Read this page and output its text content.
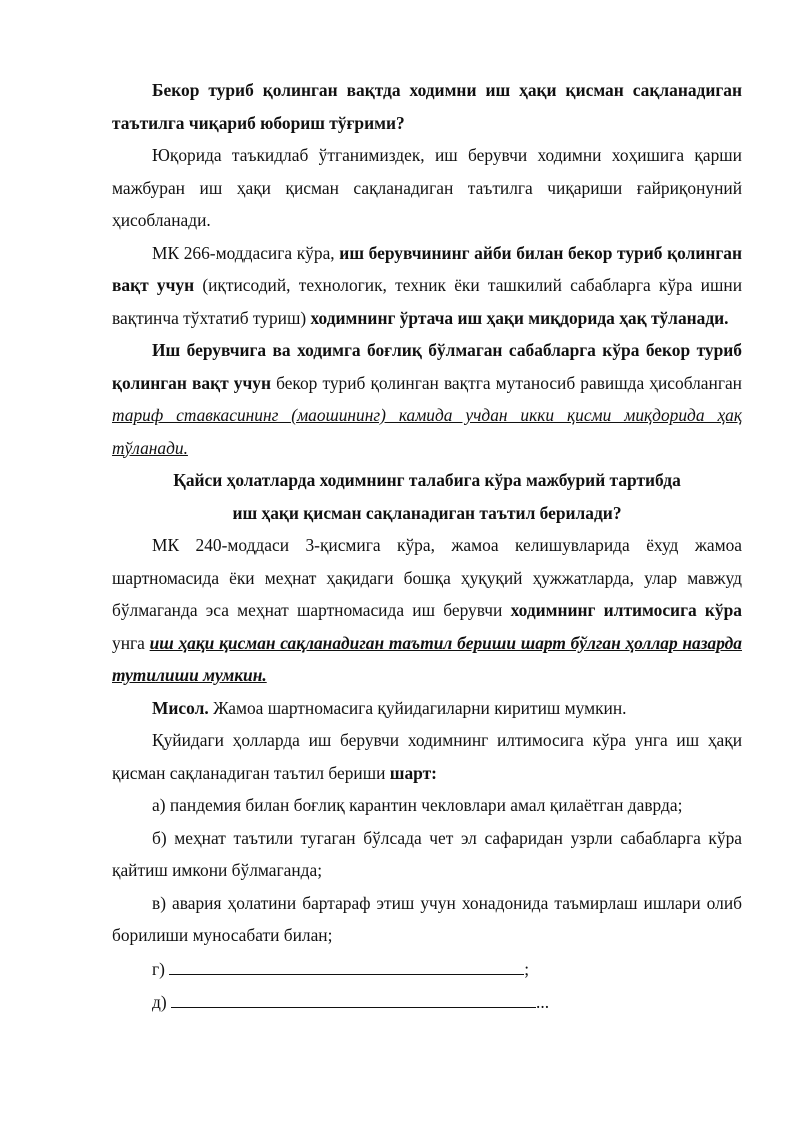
Бекор туриб қолинган вақтда ходимни иш ҳақи қисман сақланадиган таътилга чиқариб юбориш тўғрими?

Юқорида таъкидлаб ўтганимиздек, иш берувчи ходимни хоҳишига қарши мажбуран иш ҳақи қисман сақланадиган таътилга чиқариши ғайриқонуний ҳисобланади.

МК 266-моддасига кўра, иш берувчининг айби билан бекор туриб қолинган вақт учун (иқтисодий, технологик, техник ёки ташкилий сабабларга кўра ишни вақтинча тўхтатиб туриш) ходимнинг ўртача иш ҳақи миқдорида ҳақ тўланади.

Иш берувчига ва ходимга боғлиқ бўлмаган сабабларга кўра бекор туриб қолинган вақт учун бекор туриб қолинган вақтга мутаносиб равишда ҳисобланган тариф ставкасининг (маошининг) камида учдан икки қисми миқдорида ҳақ тўланади.

Қайси ҳолатларда ходимнинг талабига кўра мажбурий тартибда
иш ҳақи қисман сақланадиган таътил берилади?

МК 240-моддаси 3-қисмига кўра, жамоа келишувларида ёхуд жамоа шартномасида ёки меҳнат ҳақидаги бошқа ҳуқуқий ҳужжатларда, улар мавжуд бўлмаганда эса меҳнат шартномасида иш берувчи ходимнинг илтимосига кўра унга иш ҳақи қисман сақланадиган таътил бериши шарт бўлган ҳоллар назарда тутилиши мумкин.

Мисол. Жамоа шартномасига қуйидагиларни киритиш мумкин.

Қуйидаги ҳолларда иш берувчи ходимнинг илтимосига кўра унга иш ҳақи қисман сақланадиган таътил бериши шарт:

а) пандемия билан боғлиқ карантин чекловлари амал қилаётган даврда;

б) меҳнат таътили тугаган бўлсада чет эл сафаридан узрли сабабларга кўра қайтиш имкони бўлмаганда;

в) авария ҳолатини бартараф этиш учун хонадонида таъмирлаш ишлари олиб борилиши муносабати билан;

г)	;

д)	...
